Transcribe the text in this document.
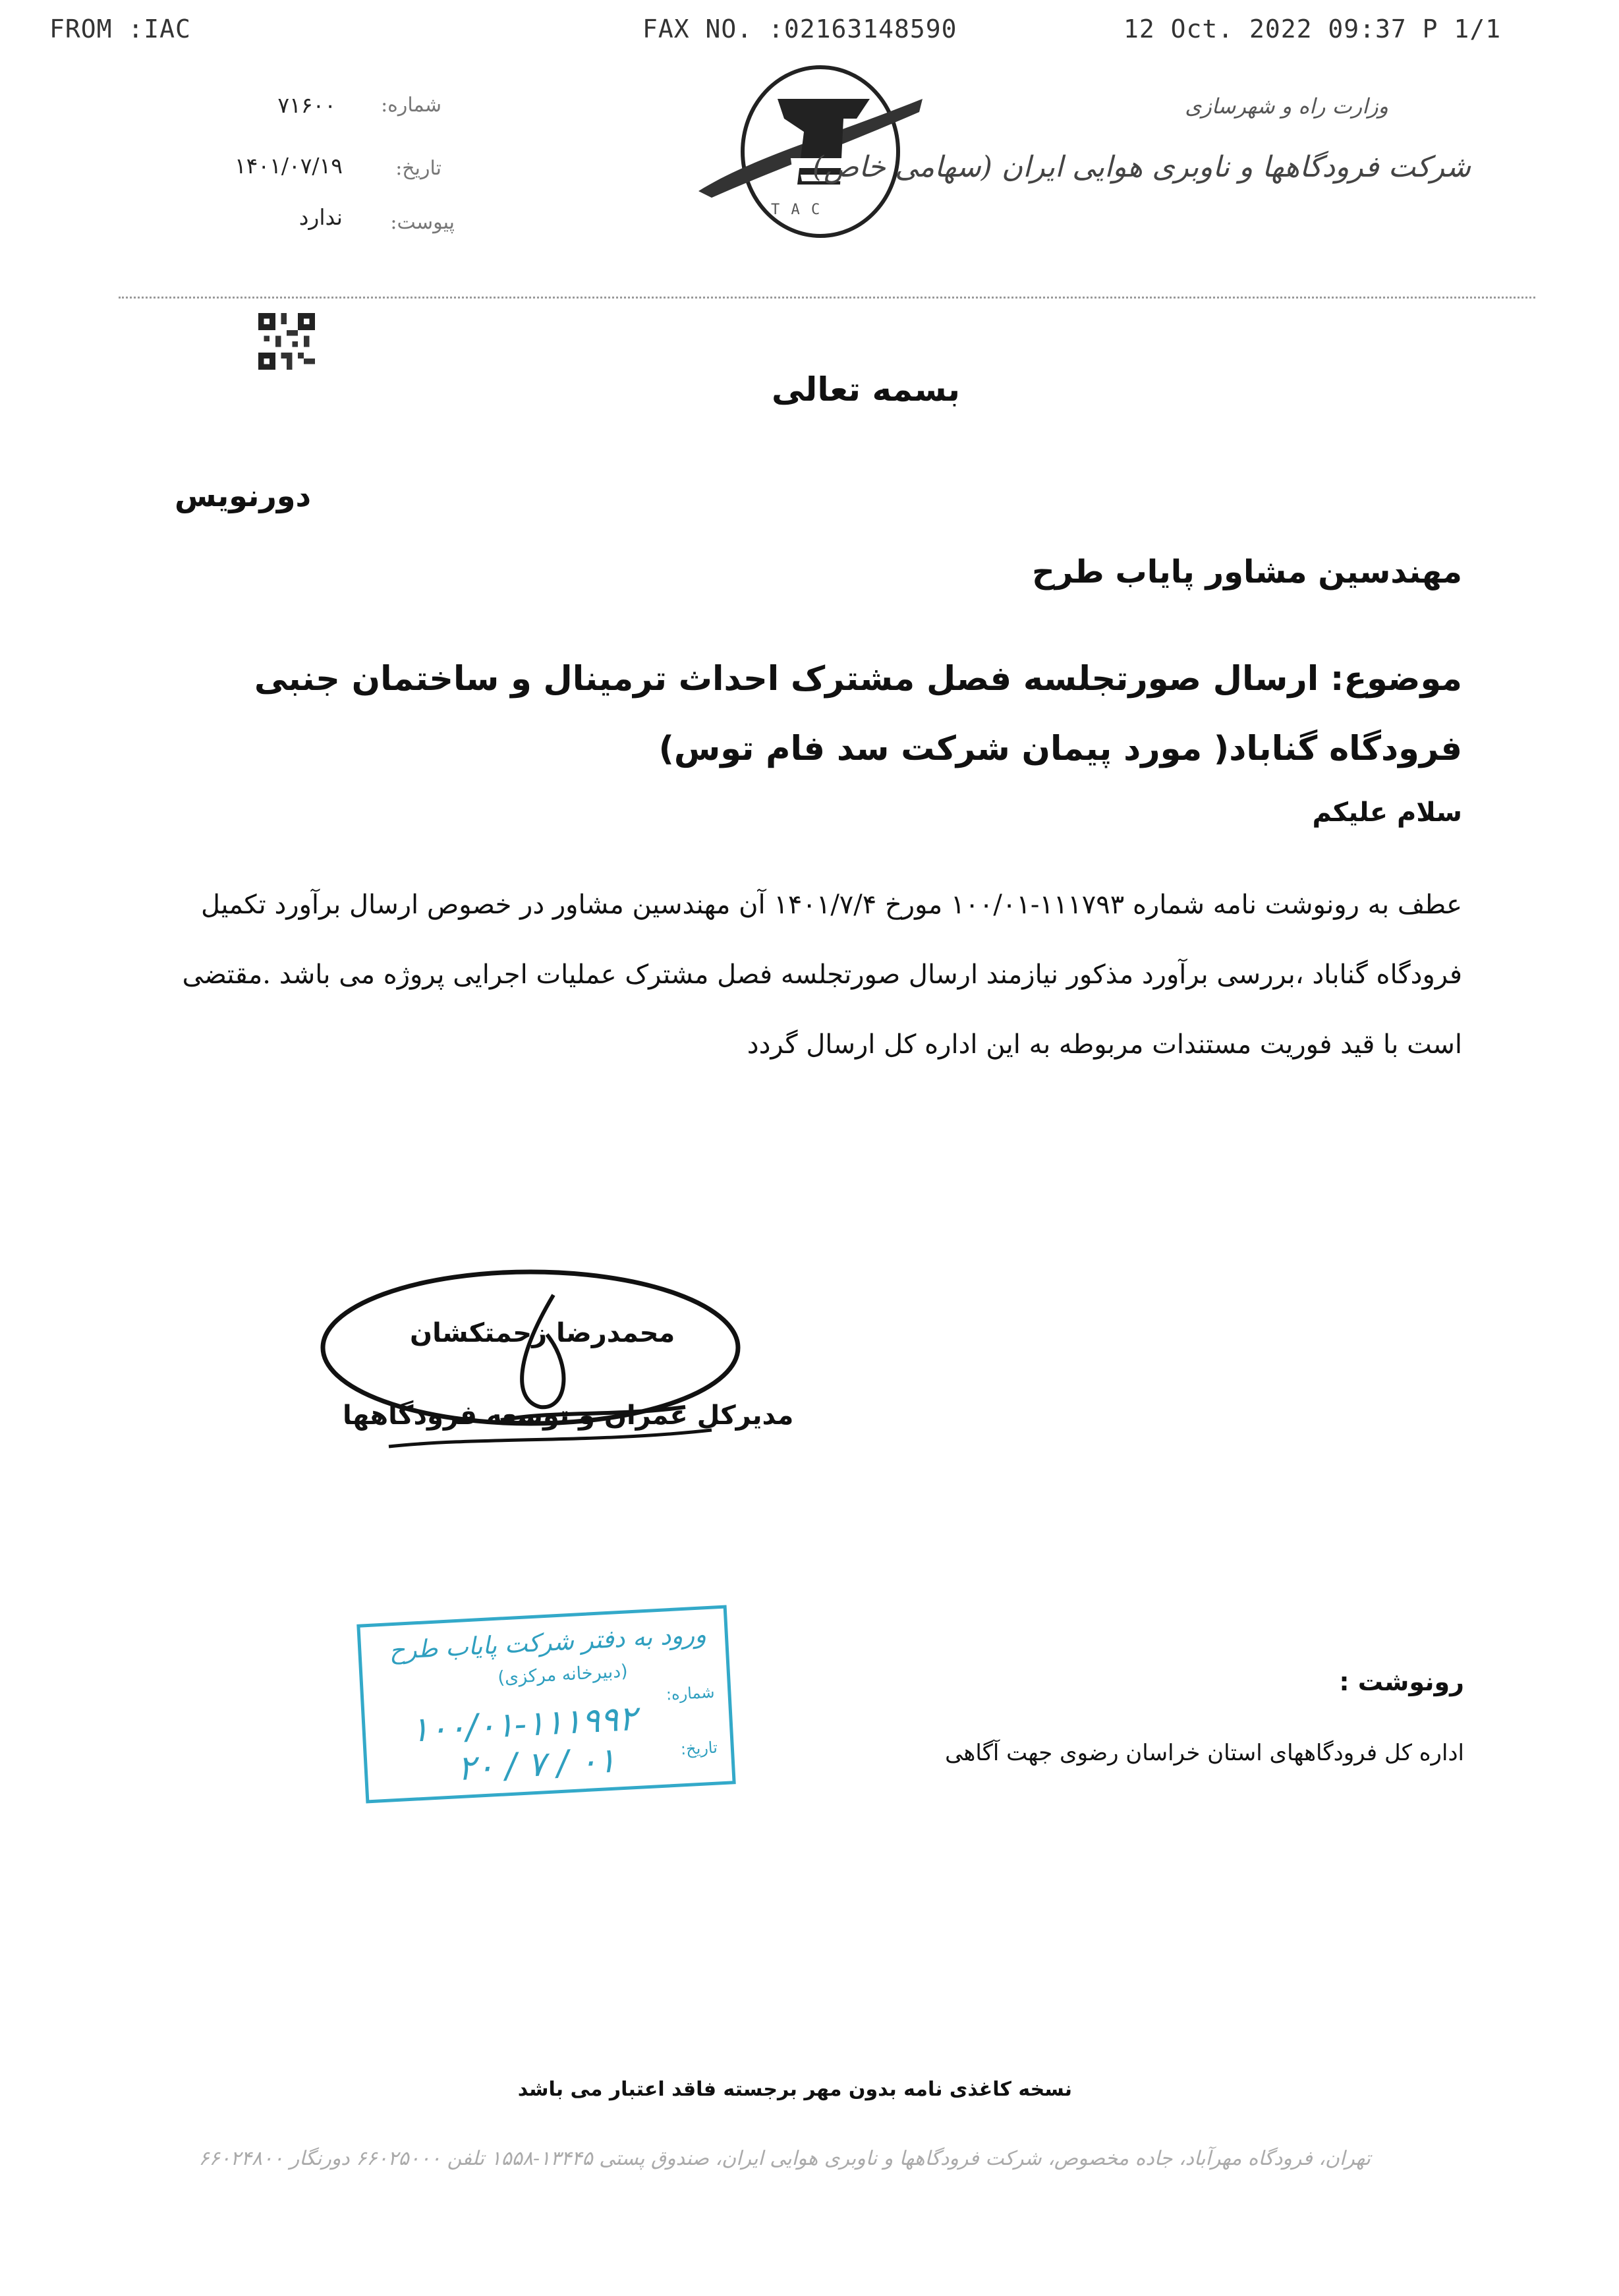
FROM :IAC	FAX NO. :02163148590	12 Oct. 2022 09:37 P 1/1
شماره:
۷۱۶۰۰
تاریخ:
۱۴۰۱/۰۷/۱۹
پیوست:
ندارد	T A C
وزارت راه و شهرسازی
شرکت فرودگاهها و ناوبری هوایی ایران (سهامی خاص)
بسمه تعالی
دورنویس
مهندسین مشاور پایاب طرح
موضوع: ارسال صورتجلسه فصل مشترک احداث ترمینال و ساختمان جنبی فرودگاه گناباد( مورد پیمان شرکت سد فام توس)
سلام علیکم
عطف به رونوشت نامه شماره ۱۱۱۷۹۳-۱۰۰/۰۱ مورخ ۱۴۰۱/۷/۴ آن مهندسین مشاور در خصوص ارسال برآورد تکمیل فرودگاه گناباد ،بررسی برآورد مذکور نیازمند ارسال صورتجلسه فصل مشترک عملیات اجرایی پروژه می باشد .مقتضی است با قید فوریت مستندات مربوطه به این اداره کل ارسال گردد
محمدرضا زحمتکشان
مدیرکل عمران و توسعه فرودگاهها
ورود به دفتر شرکت پایاب طرح
(دبیرخانه مرکزی)
شماره:
۱۰۰/۰۱-۱۱۱۹۹۲	تاریخ:
۰۱ / ۷ / ۲۰
رونوشت :
اداره کل فرودگاههای استان خراسان رضوی جهت آگاهی
نسخه کاغذی نامه بدون مهر برجسته فاقد اعتبار می باشد
تهران، فرودگاه مهرآباد، جاده مخصوص، شرکت فرودگاهها و ناوبری هوایی ایران، صندوق پستی ۱۳۴۴۵-۱۵۵۸ تلفن ۶۶۰۲۵۰۰۰ دورنگار ۶۶۰۲۴۸۰۰
